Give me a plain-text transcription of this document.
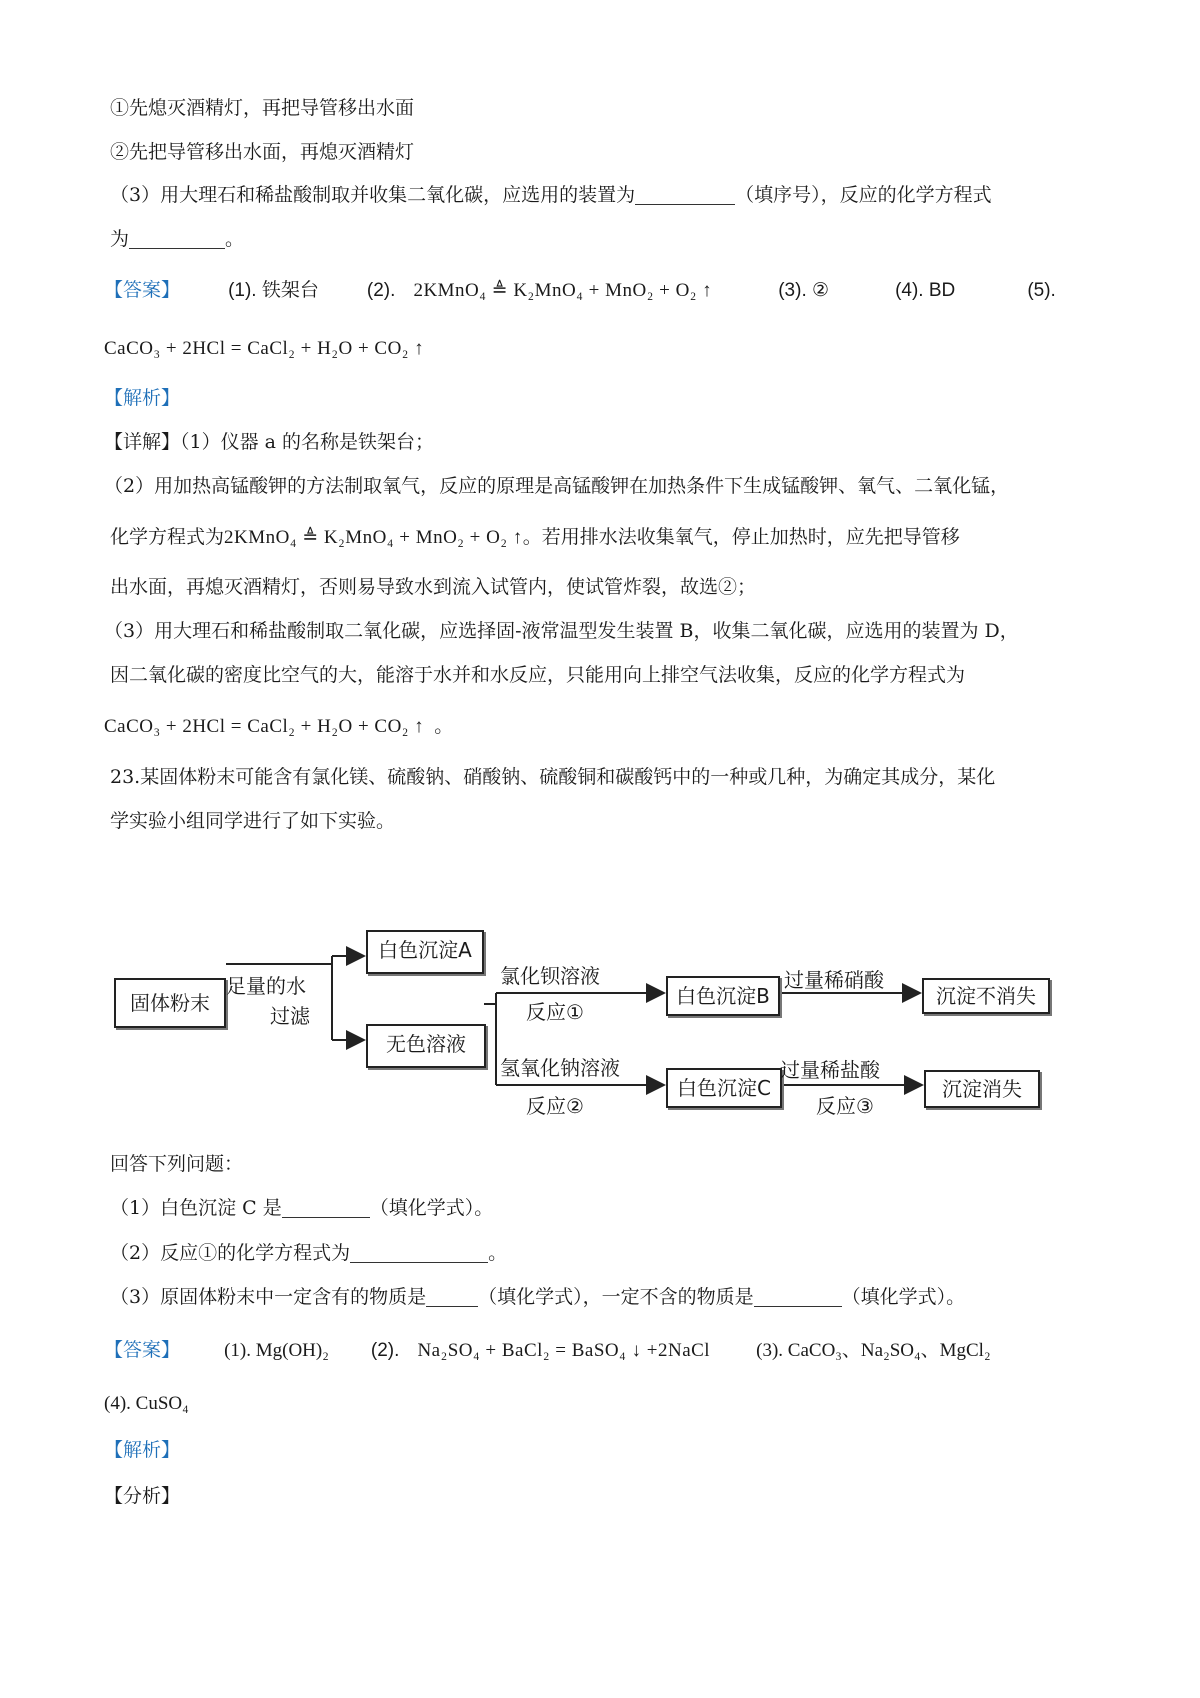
①先熄灭酒精灯，再把导管移出水面
②先把导管移出水面，再熄灭酒精灯
（3）用大理石和稀盐酸制取并收集二氧化碳，应选用的装置为	（填序号），反应的化学方程式
为	。
【答案】	(1). 铁架台	(2). 2KMnO₄ ≜ K₂MnO₄ + MnO₂ + O₂ ↑	(3). ②	(4). BD	(5).
CaCO₃ + 2HCl = CaCl₂ + H₂O + CO₂ ↑
【解析】
【详解】（1）仪器 a 的名称是铁架台；
（2）用加热高锰酸钾的方法制取氧气，反应的原理是高锰酸钾在加热条件下生成锰酸钾、氧气、二氧化锰，
化学方程式为2KMnO₄ ≜ K₂MnO₄ + MnO₂ + O₂ ↑。若用排水法收集氧气，停止加热时，应先把导管移
出水面，再熄灭酒精灯，否则易导致水到流入试管内，使试管炸裂，故选②；
（3）用大理石和稀盐酸制取二氧化碳，应选择固-液常温型发生装置 B，收集二氧化碳，应选用的装置为 D，
因二氧化碳的密度比空气的大，能溶于水并和水反应，只能用向上排空气法收集，反应的化学方程式为
CaCO₃ + 2HCl = CaCl₂ + H₂O + CO₂ ↑ 。
23.某固体粉末可能含有氯化镁、硫酸钠、硝酸钠、硫酸铜和碳酸钙中的一种或几种，为确定其成分，某化
学实验小组同学进行了如下实验。
固体粉末
足量的水
过滤
白色沉淀A
无色溶液
氯化钡溶液
反应①
氢氧化钠溶液
反应②
白色沉淀B
白色沉淀C
过量稀硝酸
过量稀盐酸
反应③
沉淀不消失
沉淀消失
回答下列问题：
（1）白色沉淀 C 是	（填化学式）。
（2）反应①的化学方程式为	。
（3）原固体粉末中一定含有的物质是	（填化学式），一定不含的物质是	（填化学式）。
【答案】 (1). Mg(OH)₂ (2). Na₂SO₄ + BaCl₂ = BaSO₄ ↓ +2NaCl (3). CaCO₃、Na₂SO₄、MgCl₂
(4). CuSO₄
【解析】
【分析】
